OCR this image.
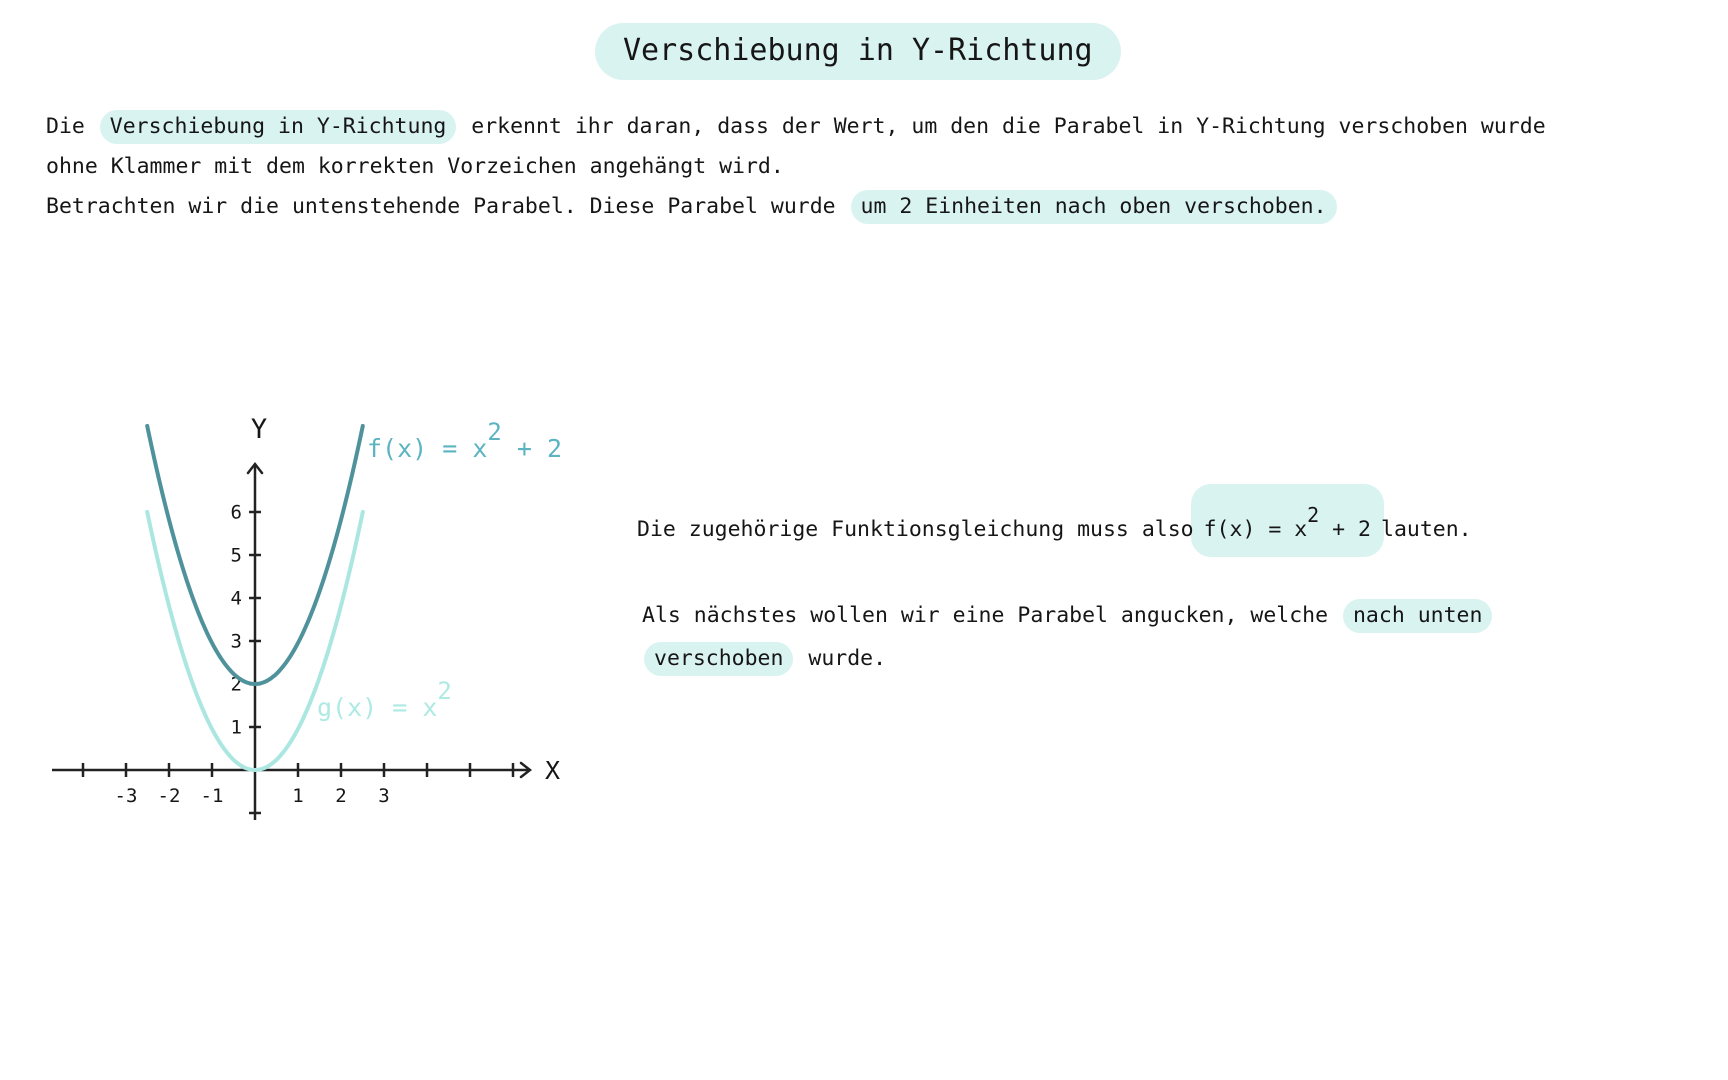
Verschiebung in Y-Richtung
Die Verschiebung in Y-Richtung erkennt ihr daran, dass der Wert, um den die Parabel in Y-Richtung verschoben wurde
ohne Klammer mit dem korrekten Vorzeichen angehängt wird.
Betrachten wir die untenstehende Parabel. Diese Parabel wurde um 2 Einheiten nach oben verschoben.
X
Y
-3 -2 -1	1 2 3
1
2
3
4
5
6
g(x) = x2
f(x) = x2 + 2
Die zugehörige Funktionsgleichung muss also f(x) = x2 + 2 lauten.
Als nächstes wollen wir eine Parabel angucken, welche nach unten
verschoben wurde.
